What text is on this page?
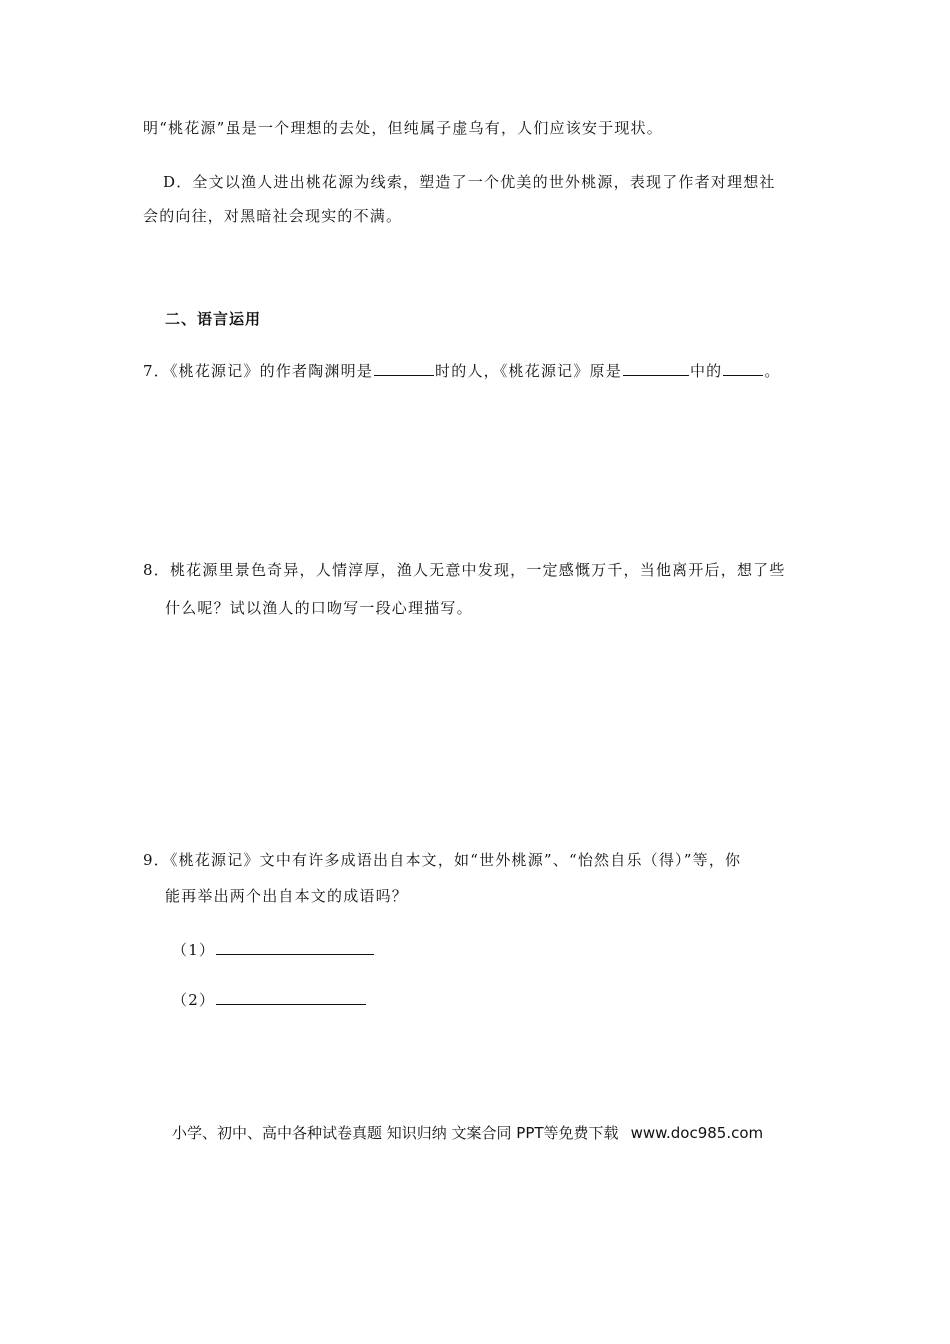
明“桃花源”虽是一个理想的去处，但纯属子虚乌有，人们应该安于现状。
D．全文以渔人进出桃花源为线索，塑造了一个优美的世外桃源，表现了作者对理想社
会的向往，对黑暗社会现实的不满。
二、语言运用
7．《桃花源记》的作者陶渊明是	时的人，《桃花源记》原是	中的	。
8．桃花源里景色奇异，人情淳厚，渔人无意中发现，一定感慨万千，当他离开后，想了些
什么呢？试以渔人的口吻写一段心理描写。
9．《桃花源记》文中有许多成语出自本文，如“世外桃源”、“怡然自乐（得）”等，你
能再举出两个出自本文的成语吗？
（1）
（2）
小学、初中、高中各种试卷真题 知识归纳 文案合同 PPT等免费下载 www.doc985.com
